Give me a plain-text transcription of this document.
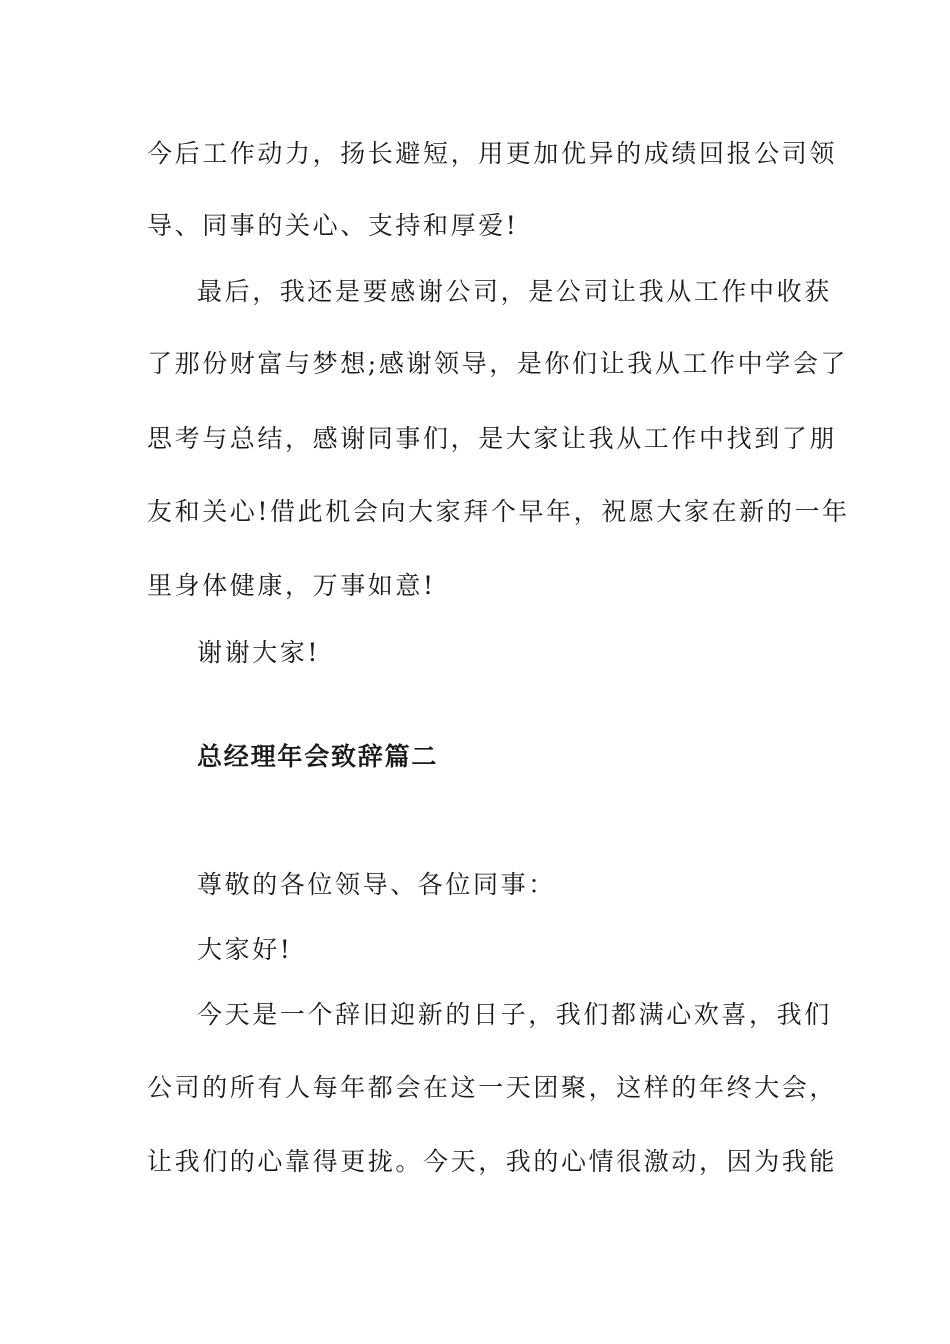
今后工作动力，扬长避短，用更加优异的成绩回报公司领
导、同事的关心、支持和厚爱!
最后，我还是要感谢公司，是公司让我从工作中收获
了那份财富与梦想;感谢领导，是你们让我从工作中学会了
思考与总结，感谢同事们，是大家让我从工作中找到了朋
友和关心!借此机会向大家拜个早年，祝愿大家在新的一年
里身体健康，万事如意!
谢谢大家!
总经理年会致辞篇二
尊敬的各位领导、各位同事：
大家好!
今天是一个辞旧迎新的日子，我们都满心欢喜，我们
公司的所有人每年都会在这一天团聚，这样的年终大会，
让我们的心靠得更拢。今天，我的心情很激动，因为我能
